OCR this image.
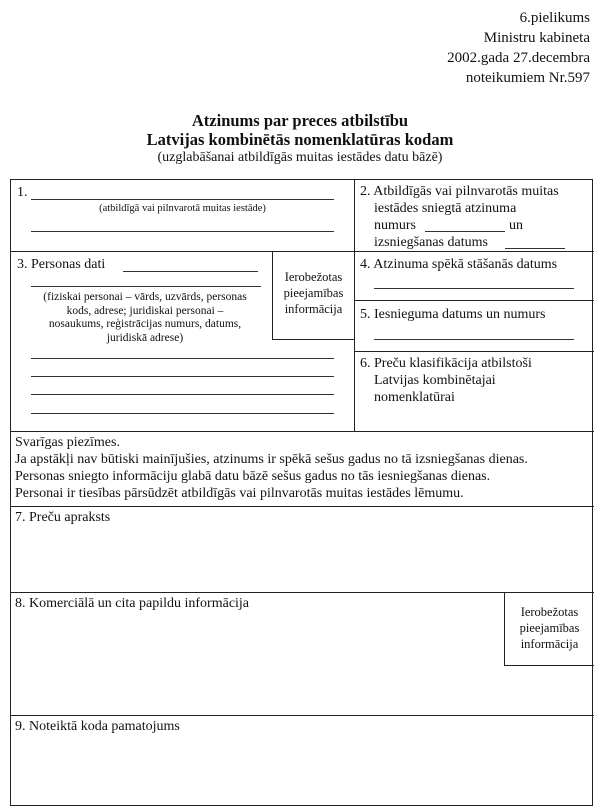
6.pielikums
Ministru kabineta
2002.gada 27.decembra
noteikumiem Nr.597
Atzinums par preces atbilstību
Latvijas kombinētās nomenklatūras kodam
(uzglabāšanai atbildīgās muitas iestādes datu bāzē)
1.
(atbildīgā vai pilnvarotā muitas iestāde)
2. Atbildīgās vai pilnvarotās muitas
iestādes sniegtā atzinuma
numurs	un
izsniegšanas datums
3. Personas dati
(fiziskai personai – vārds, uzvārds, personas
kods, adrese; juridiskai personai –
nosaukums, reģistrācijas numurs, datums,
juridiskā adrese)
Ierobežotas
pieejamības
informācija
4. Atzinuma spēkā stāšanās datums
5. Iesnieguma datums un numurs
6. Preču klasifikācija atbilstoši
Latvijas kombinētajai
nomenklatūrai
Svarīgas piezīmes.
Ja apstākļi nav būtiski mainījušies, atzinums ir spēkā sešus gadus no tā izsniegšanas dienas.
Personas sniegto informāciju glabā datu bāzē sešus gadus no tās iesniegšanas dienas.
Personai ir tiesības pārsūdzēt atbildīgās vai pilnvarotās muitas iestādes lēmumu.
7. Preču apraksts
8. Komerciālā un cita papildu informācija
Ierobežotas
pieejamības
informācija
9. Noteiktā koda pamatojums
